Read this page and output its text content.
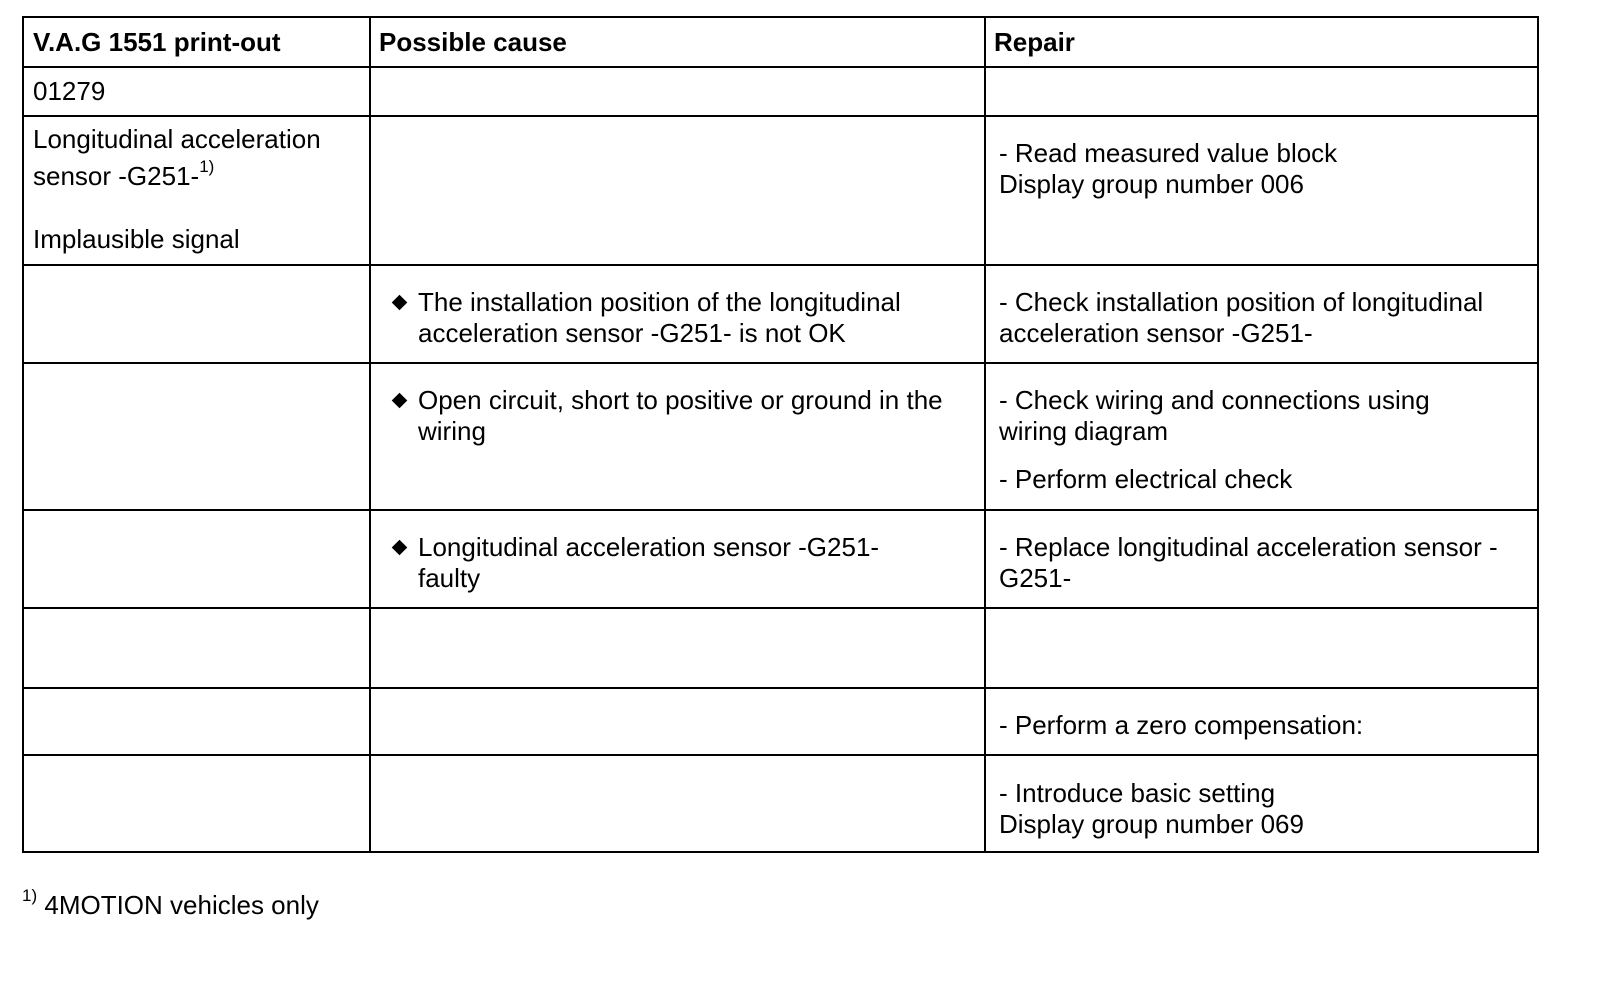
V.A.G 1551 print-out	Possible cause	Repair
01279
Longitudinal acceleration
sensor -G251-$^{1)}$
Implausible signal
- Read measured value block
Display group number 006
The installation position of the longitudinal
acceleration sensor -G251- is not OK
- Check installation position of longitudinal
acceleration sensor -G251-
Open circuit, short to positive or ground in the
wiring
- Check wiring and connections using
wiring diagram
- Perform electrical check
Longitudinal acceleration sensor -G251-
faulty
- Replace longitudinal acceleration sensor -
G251-
- Perform a zero compensation:
- Introduce basic setting
Display group number 069
$^{1)}$ 4MOTION vehicles only
